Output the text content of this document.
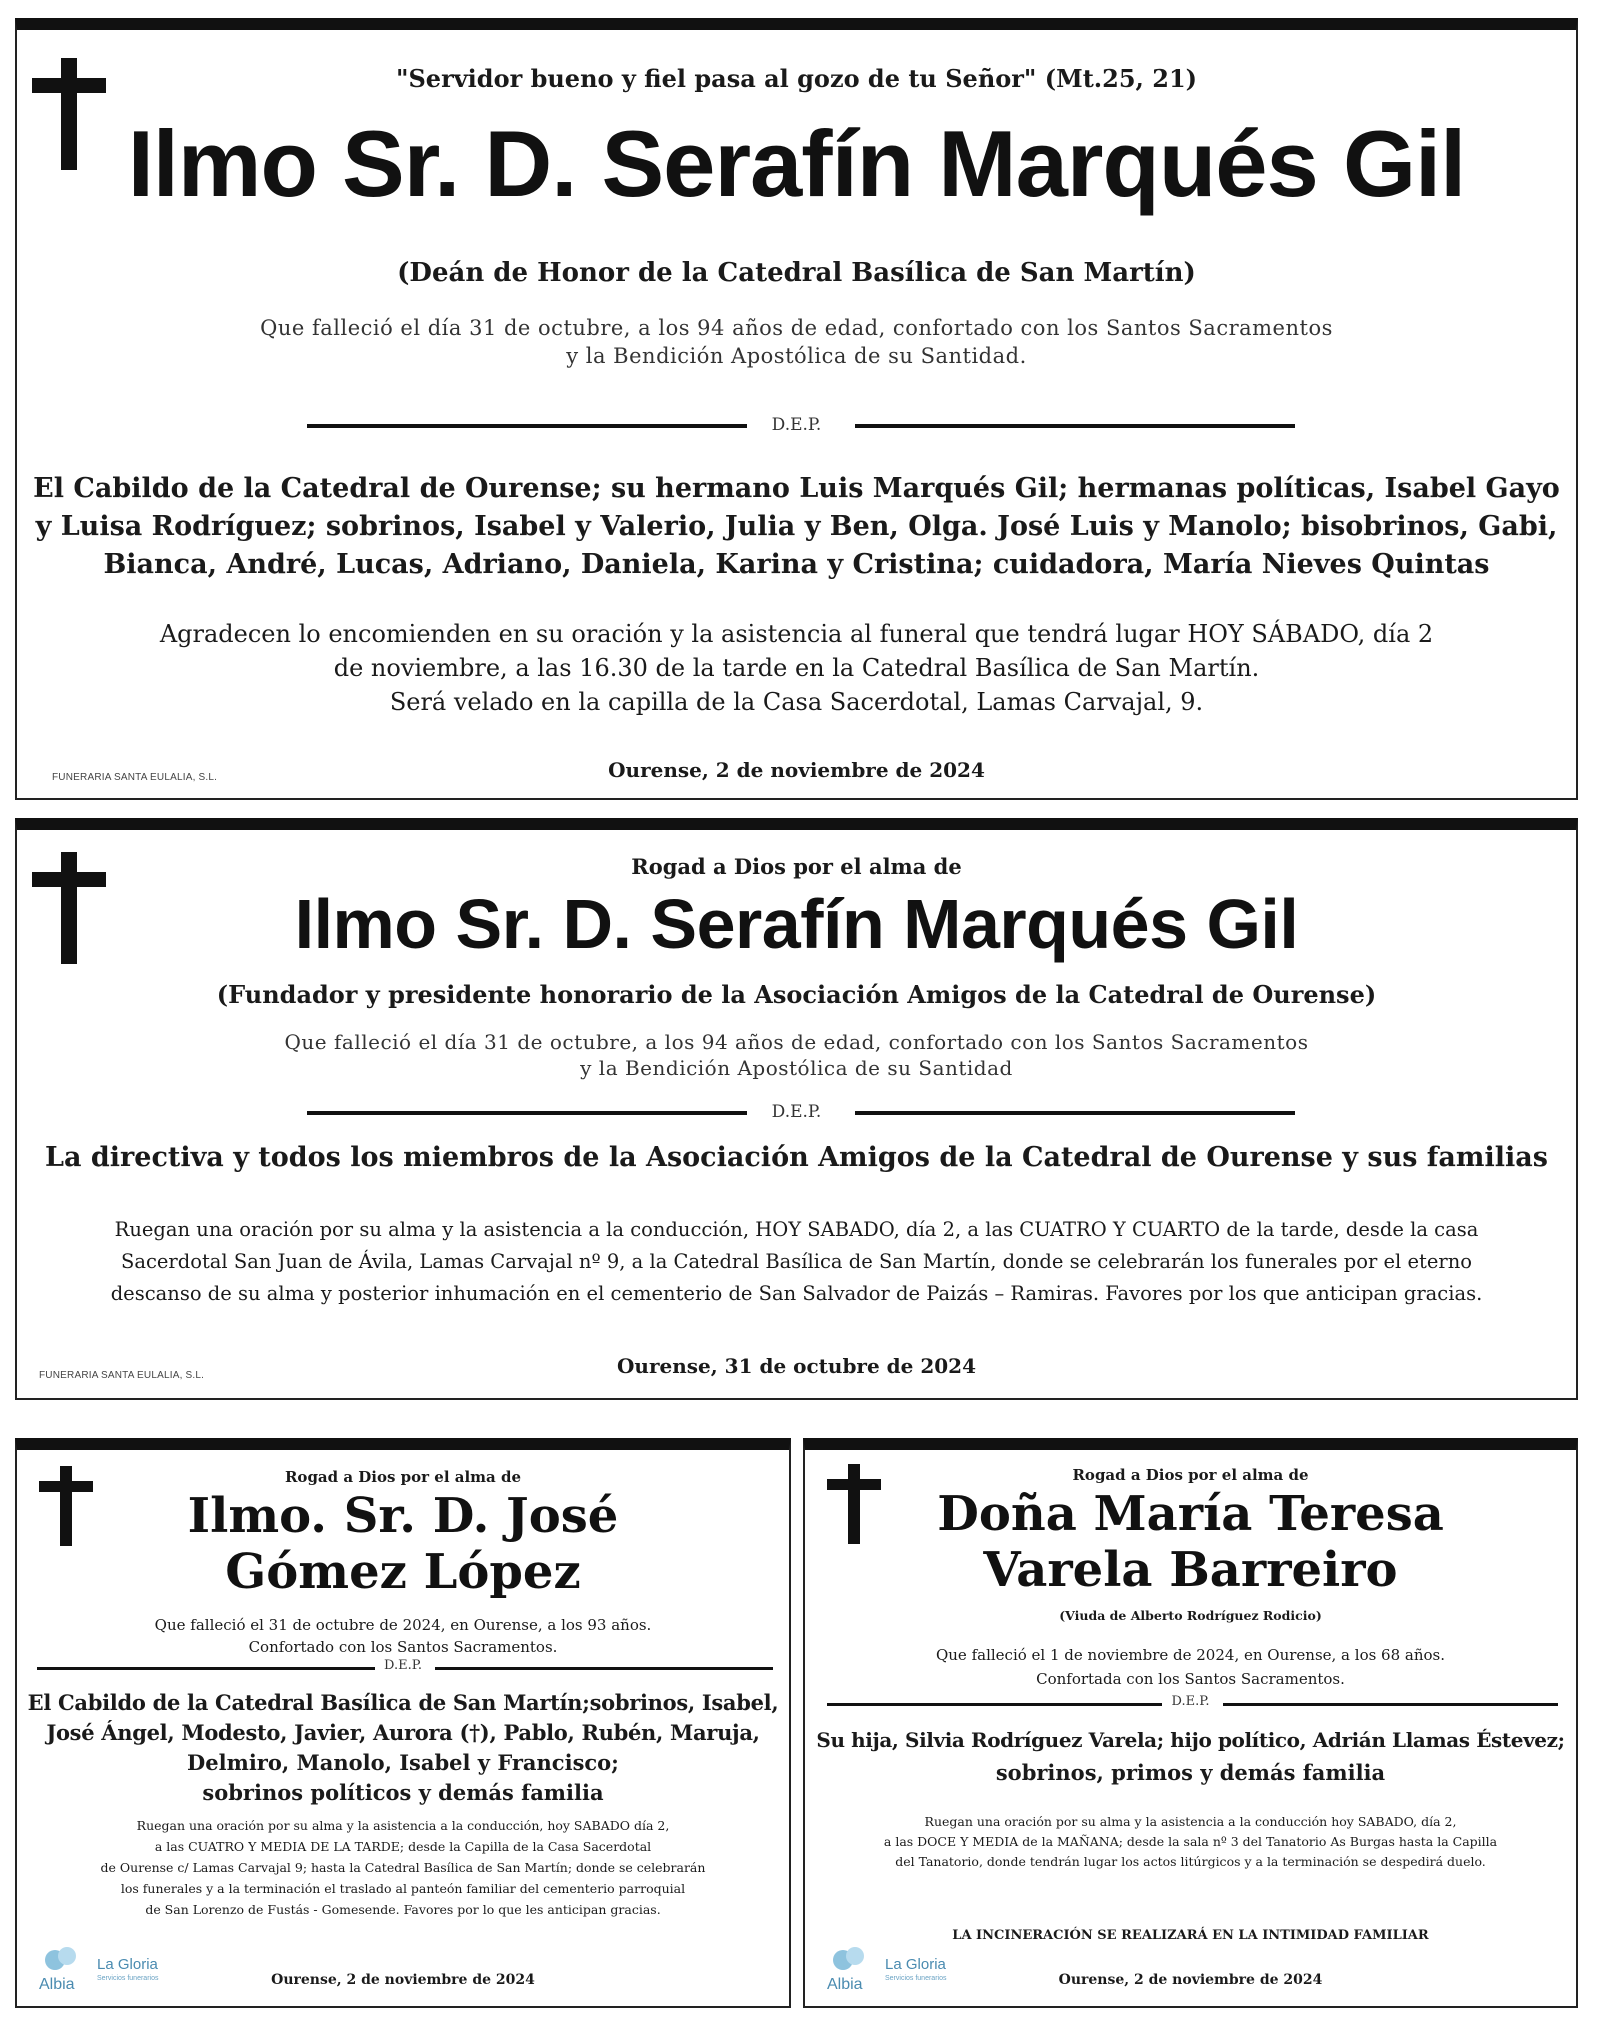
"Servidor bueno y fiel pasa al gozo de tu Señor" (Mt.25, 21)
Ilmo Sr. D. Serafín Marqués Gil
(Deán de Honor de la Catedral Basílica de San Martín)
Que falleció el día 31 de octubre, a los 94 años de edad, confortado con los Santos Sacramentos
y la Bendición Apostólica de su Santidad.
D.E.P.
El Cabildo de la Catedral de Ourense; su hermano Luis Marqués Gil; hermanas políticas, Isabel Gayo
y Luisa Rodríguez; sobrinos, Isabel y Valerio, Julia y Ben, Olga. José Luis y Manolo; bisobrinos, Gabi,
Bianca, André, Lucas, Adriano, Daniela, Karina y Cristina; cuidadora, María Nieves Quintas
Agradecen lo encomienden en su oración y la asistencia al funeral que tendrá lugar HOY SÁBADO, día 2
de noviembre, a las 16.30 de la tarde en la Catedral Basílica de San Martín.
Será velado en la capilla de la Casa Sacerdotal, Lamas Carvajal, 9.
FUNERARIA SANTA EULALIA, S.L.	Ourense, 2 de noviembre de 2024
Rogad a Dios por el alma de
Ilmo Sr. D. Serafín Marqués Gil
(Fundador y presidente honorario de la Asociación Amigos de la Catedral de Ourense)
Que falleció el día 31 de octubre, a los 94 años de edad, confortado con los Santos Sacramentos
y la Bendición Apostólica de su Santidad
D.E.P.
La directiva y todos los miembros de la Asociación Amigos de la Catedral de Ourense y sus familias
Ruegan una oración por su alma y la asistencia a la conducción, HOY SABADO, día 2, a las CUATRO Y CUARTO de la tarde, desde la casa
Sacerdotal San Juan de Ávila, Lamas Carvajal nº 9, a la Catedral Basílica de San Martín, donde se celebrarán los funerales por el eterno
descanso de su alma y posterior inhumación en el cementerio de San Salvador de Paizás – Ramiras. Favores por los que anticipan gracias.
FUNERARIA SANTA EULALIA, S.L.	Ourense, 31 de octubre de 2024
Rogad a Dios por el alma de
Ilmo. Sr. D. José
Gómez López
Que falleció el 31 de octubre de 2024, en Ourense, a los 93 años.
Confortado con los Santos Sacramentos.
D.E.P.
El Cabildo de la Catedral Basílica de San Martín;sobrinos, Isabel,
José Ángel, Modesto, Javier, Aurora (†), Pablo, Rubén, Maruja,
Delmiro, Manolo, Isabel y Francisco;
sobrinos políticos y demás familia
Ruegan una oración por su alma y la asistencia a la conducción, hoy SABADO día 2,
a las CUATRO Y MEDIA DE LA TARDE; desde la Capilla de la Casa Sacerdotal
de Ourense c/ Lamas Carvajal 9; hasta la Catedral Basílica de San Martín; donde se celebrarán
los funerales y a la terminación el traslado al panteón familiar del cementerio parroquial
de San Lorenzo de Fustás - Gomesende. Favores por lo que les anticipan gracias.
Albia
La Gloria
Servicios funerarios	Ourense, 2 de noviembre de 2024
Rogad a Dios por el alma de
Doña María Teresa
Varela Barreiro
(Viuda de Alberto Rodríguez Rodicio)
Que falleció el 1 de noviembre de 2024, en Ourense, a los 68 años.
Confortada con los Santos Sacramentos.
D.E.P.
Su hija, Silvia Rodríguez Varela; hijo político, Adrián Llamas Éstevez;
sobrinos, primos y demás familia
Ruegan una oración por su alma y la asistencia a la conducción hoy SABADO, día 2,
a las DOCE Y MEDIA de la MAÑANA; desde la sala nº 3 del Tanatorio As Burgas hasta la Capilla
del Tanatorio, donde tendrán lugar los actos litúrgicos y a la terminación se despedirá duelo.
LA INCINERACIÓN SE REALIZARÁ EN LA INTIMIDAD FAMILIAR
Albia
La Gloria
Servicios funerarios	Ourense, 2 de noviembre de 2024
